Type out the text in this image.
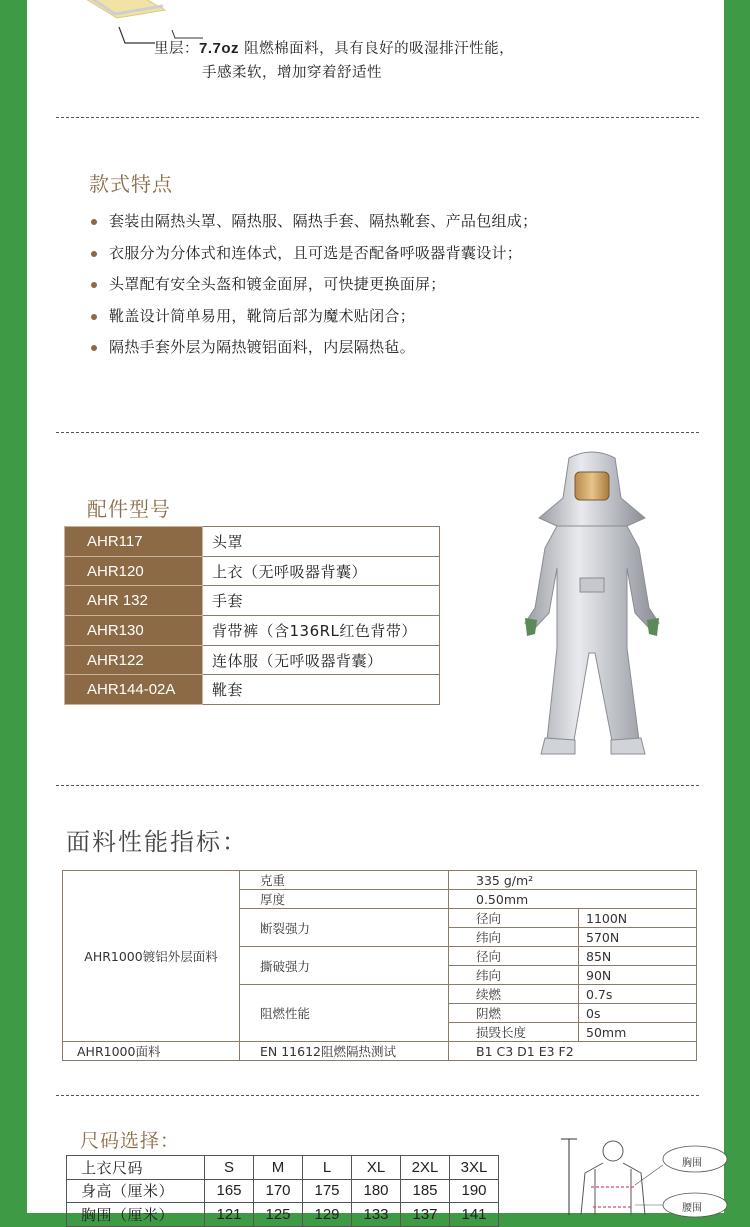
里层：7.7oz 阻燃棉面料，具有良好的吸湿排汗性能，
手感柔软，增加穿着舒适性
款式特点
套装由隔热头罩、隔热服、隔热手套、隔热靴套、产品包组成；
衣服分为分体式和连体式，且可选是否配备呼吸器背囊设计；
头罩配有安全头盔和镀金面屏，可快捷更换面屏；
靴盖设计简单易用，靴筒后部为魔术贴闭合；
隔热手套外层为隔热镀铝面料，内层隔热毡。
配件型号
AHR117	头罩
AHR120	上衣（无呼吸器背囊）
AHR 132	手套
AHR130	背带裤（含136RL红色背带）
AHR122	连体服（无呼吸器背囊）
AHR144-02A	靴套
面料性能指标：
AHR1000镀铝外层面料	克重	335 g/m²	
	厚度	0.50mm	
	断裂强力	径向	1100N
		纬向	570N
	撕破强力	径向	85N
		纬向	90N
	阻燃性能	续燃	0.7s
		阴燃	0s
		损毁长度	50mm
AHR1000面料	EN 11612阻燃隔热测试	B1 C3 D1 E3 F2	
尺码选择：
上衣尺码	S	M	L	XL	2XL	3XL
身高（厘米）	165	170	175	180	185	190
胸围（厘米）	121	125	129	133	137	141
胸围
腰围
